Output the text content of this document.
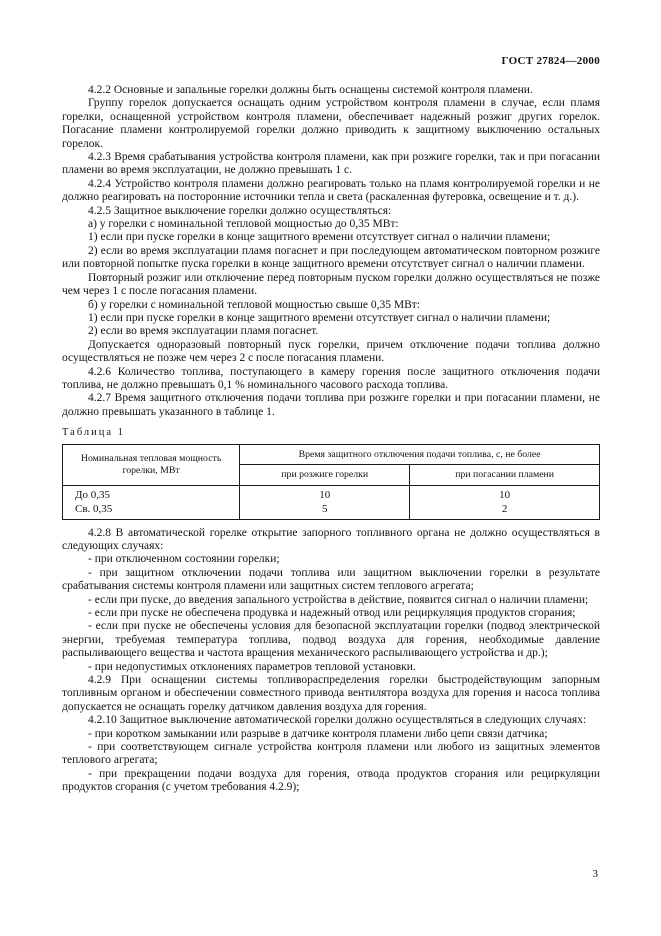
ГОСТ 27824—2000

4.2.2 Основные и запальные горелки должны быть оснащены системой контроля пламени.

Группу горелок допускается оснащать одним устройством контроля пламени в случае, если пламя горелки, оснащенной устройством контроля пламени, обеспечивает надежный розжиг других горелок. Погасание пламени контролируемой горелки должно приводить к защитному выключению остальных горелок.

4.2.3 Время срабатывания устройства контроля пламени, как при розжиге горелки, так и при погасании пламени во время эксплуатации, не должно превышать 1 с.

4.2.4 Устройство контроля пламени должно реагировать только на пламя контролируемой горелки и не должно реагировать на посторонние источники тепла и света (раскаленная футеровка, освещение и т. д.).

4.2.5 Защитное выключение горелки должно осуществляться:

а) у горелки с номинальной тепловой мощностью до 0,35 МВт:

1) если при пуске горелки в конце защитного времени отсутствует сигнал о наличии пламени;

2) если во время эксплуатации пламя погаснет и при последующем автоматическом повторном розжиге или повторной попытке пуска горелки в конце защитного времени отсутствует сигнал о наличии пламени.

Повторный розжиг или отключение перед повторным пуском горелки должно осуществляться не позже чем через 1 с после погасания пламени.

б) у горелки с номинальной тепловой мощностью свыше 0,35 МВт:

1) если при пуске горелки в конце защитного времени отсутствует сигнал о наличии пламени;

2) если во время эксплуатации пламя погаснет.

Допускается одноразовый повторный пуск горелки, причем отключение подачи топлива должно осуществляться не позже чем через 2 с после погасания пламени.

4.2.6 Количество топлива, поступающего в камеру горения после защитного отключения подачи топлива, не должно превышать 0,1 % номинального часового расхода топлива.

4.2.7 Время защитного отключения подачи топлива при розжиге горелки и при погасании пламени, не должно превышать указанного в таблице 1.

Таблица 1
Номинальная тепловая мощность горелки, МВт	Время защитного отключения подачи топлива, с, не более	
	при розжиге горелки	при погасании пламени
До 0,35	10	10
Св. 0,35	5	2

4.2.8 В автоматической горелке открытие запорного топливного органа не должно осуществляться в следующих случаях:

- при отключенном состоянии горелки;

- при защитном отключении подачи топлива или защитном выключении горелки в результате срабатывания системы контроля пламени или защитных систем теплового агрегата;

- если при пуске, до введения запального устройства в действие, появится сигнал о наличии пламени;

- если при пуске не обеспечена продувка и надежный отвод или рециркуляция продуктов сгорания;

- если при пуске не обеспечены условия для безопасной эксплуатации горелки (подвод электрической энергии, требуемая температура топлива, подвод воздуха для горения, необходимые давление распыливающего вещества и частота вращения механического распыливающего устройства и др.);

- при недопустимых отклонениях параметров тепловой установки.

4.2.9 При оснащении системы топливораспределения горелки быстродействующим запорным топливным органом и обеспечении совместного привода вентилятора воздуха для горения и насоса топлива допускается не оснащать горелку датчиком давления воздуха для горения.

4.2.10 Защитное выключение автоматической горелки должно осуществляться в следующих случаях:

- при коротком замыкании или разрыве в датчике контроля пламени либо цепи связи датчика;

- при соответствующем сигнале устройства контроля пламени или любого из защитных элементов теплового агрегата;

- при прекращении подачи воздуха для горения, отвода продуктов сгорания или рециркуляции продуктов сгорания (с учетом требования 4.2.9);

3
